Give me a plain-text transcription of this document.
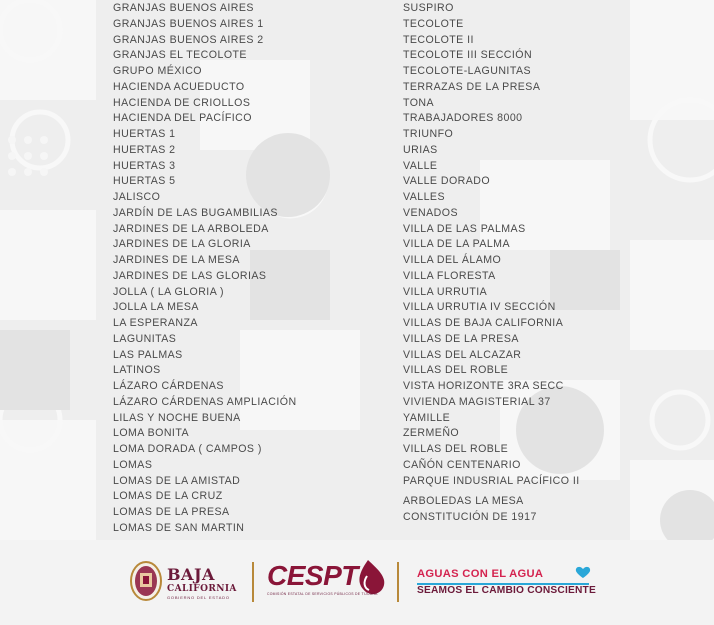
GRANJAS BUENOS AIRES
GRANJAS BUENOS AIRES 1
GRANJAS BUENOS AIRES 2
GRANJAS EL TECOLOTE
GRUPO MÉXICO
HACIENDA ACUEDUCTO
HACIENDA DE CRIOLLOS
HACIENDA DEL PACÍFICO
HUERTAS 1
HUERTAS 2
HUERTAS 3
HUERTAS 5
JALISCO
JARDÍN DE LAS BUGAMBILIAS
JARDINES DE LA ARBOLEDA
JARDINES DE LA GLORIA
JARDINES DE LA MESA
JARDINES DE LAS GLORIAS
JOLLA ( LA GLORIA )
JOLLA LA MESA
LA ESPERANZA
LAGUNITAS
LAS PALMAS
LATINOS
LÁZARO CÁRDENAS
LÁZARO CÁRDENAS AMPLIACIÓN
LILAS Y NOCHE BUENA
LOMA BONITA
LOMA DORADA ( CAMPOS )
LOMAS
LOMAS DE LA AMISTAD
LOMAS DE LA CRUZ
LOMAS DE LA PRESA
LOMAS DE SAN MARTIN
SUSPIRO
TECOLOTE
TECOLOTE II
TECOLOTE III SECCIÓN
TECOLOTE-LAGUNITAS
TERRAZAS DE LA PRESA
TONA
TRABAJADORES 8000
TRIUNFO
URIAS
VALLE
VALLE DORADO
VALLES
VENADOS
VILLA DE LAS PALMAS
VILLA DE LA PALMA
VILLA DEL ÁLAMO
VILLA FLORESTA
VILLA URRUTIA
VILLA URRUTIA IV SECCIÓN
VILLAS DE BAJA CALIFORNIA
VILLAS DE LA PRESA
VILLAS DEL ALCAZAR
VILLAS DEL ROBLE
VISTA HORIZONTE 3RA SECC
VIVIENDA MAGISTERIAL 37
YAMILLE
ZERMEÑO
VILLAS DEL ROBLE
CAÑÓN CENTENARIO
PARQUE INDUSRIAL PACÍFICO II
ARBOLEDAS LA MESA
CONSTITUCIÓN DE 1917
BAJA
CALIFORNIA
GOBIERNO DEL ESTADO
CESPT
COMISIÓN ESTATAL DE SERVICIOS PÚBLICOS DE TIJUANA
AGUAS CON EL AGUA
SEAMOS EL CAMBIO CONSCIENTE
